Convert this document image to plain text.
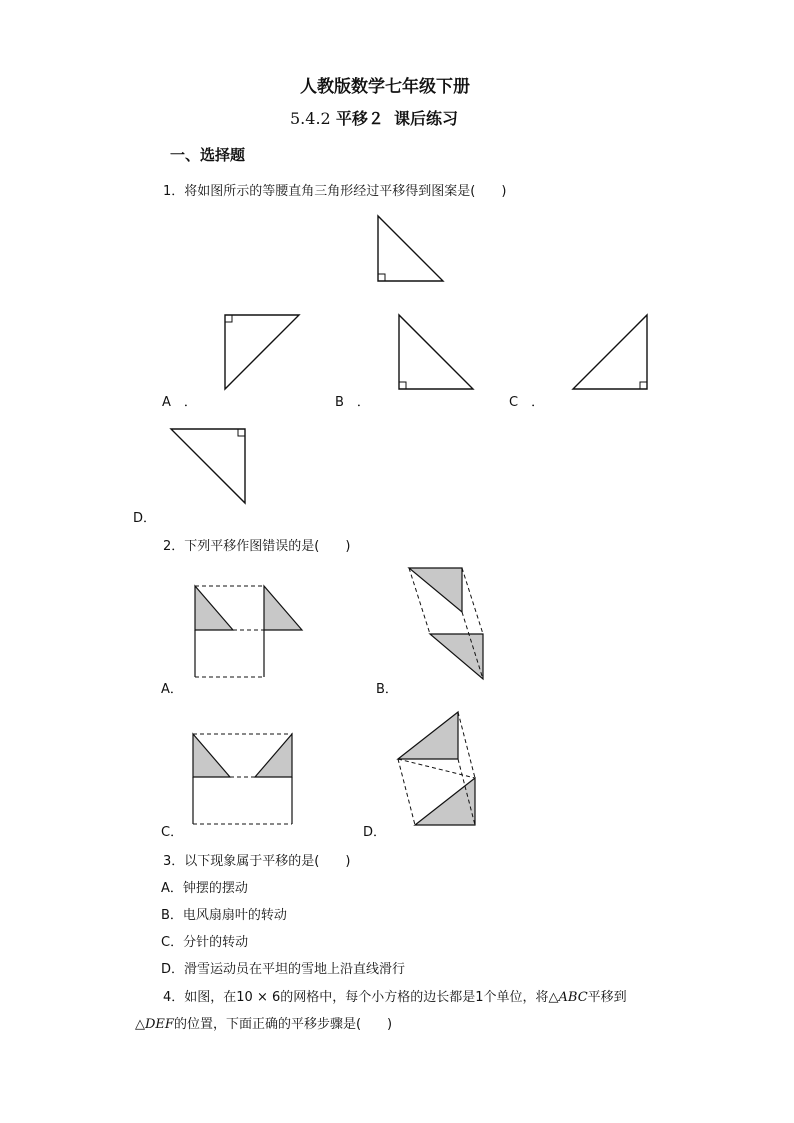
人教版数学七年级下册
5.4.2 平移２ 课后练习
一、选择题
1．将如图所示的等腰直角三角形经过平移得到图案是(　　)
A　．	B　．	C　．
D．
2．下列平移作图错误的是(　　)
A．	B．
C．	D．
3．以下现象属于平移的是(　　)
A．钟摆的摆动
B．电风扇扇叶的转动
C．分针的转动
D．滑雪运动员在平坦的雪地上沿直线滑行
4．如图，在10 × 6的网格中，每个小方格的边长都是1个单位，将△ABC平移到
△DEF的位置，下面正确的平移步骤是(　　)
